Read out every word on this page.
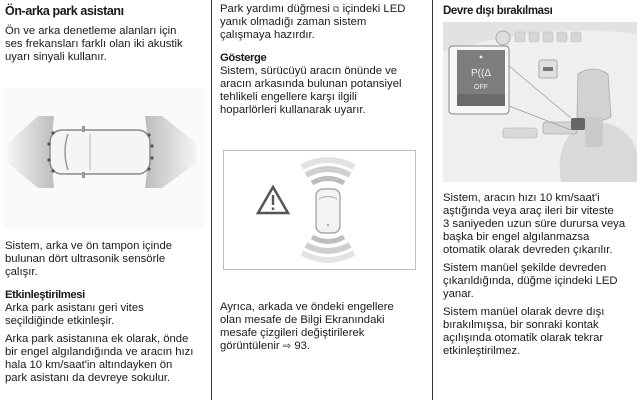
Ön-arka park asistanı

Ön ve arka denetleme alanları için

ses frekansları farklı olan iki akustik

uyarı sinyali kullanır.

Sistem, arka ve ön tampon içinde

bulunan dört ultrasonik sensörle

çalışır.

Etkinleştirilmesi

Arka park asistanı geri vites

seçildiğinde etkinleşir.

Arka park asistanına ek olarak, önde

bir engel algılandığında ve aracın hızı

hala 10 km/saat'in altındayken ön

park asistanı da devreye sokulur.

Park yardımı düğmesi ⧉ içindeki LED

yanık olmadığı zaman sistem

çalışmaya hazırdır.

Gösterge

Sistem, sürücüyü aracın önünde ve

aracın arkasında bulunan potansiyel

tehlikeli engellere karşı ilgili

hoparlörleri kullanarak uyarır.

Ayrıca, arkada ve öndeki engellere

olan mesafe de Bilgi Ekranındaki

mesafe çizgileri değiştirilerek

görüntülenir ⇨ 93.

Devre dışı bırakılması
P((Δ
OFF

Sistem, aracın hızı 10 km/saat'i

aştığında veya araç ileri bir viteste

3 saniyeden uzun süre durursa veya

başka bir engel algılanmazsa

otomatik olarak devreden çıkarılır.

Sistem manüel şekilde devreden

çıkarıldığında, düğme içindeki LED

yanar.

Sistem manüel olarak devre dışı

bırakılmışsa, bir sonraki kontak

açılışında otomatik olarak tekrar

etkinleştirilmez.
